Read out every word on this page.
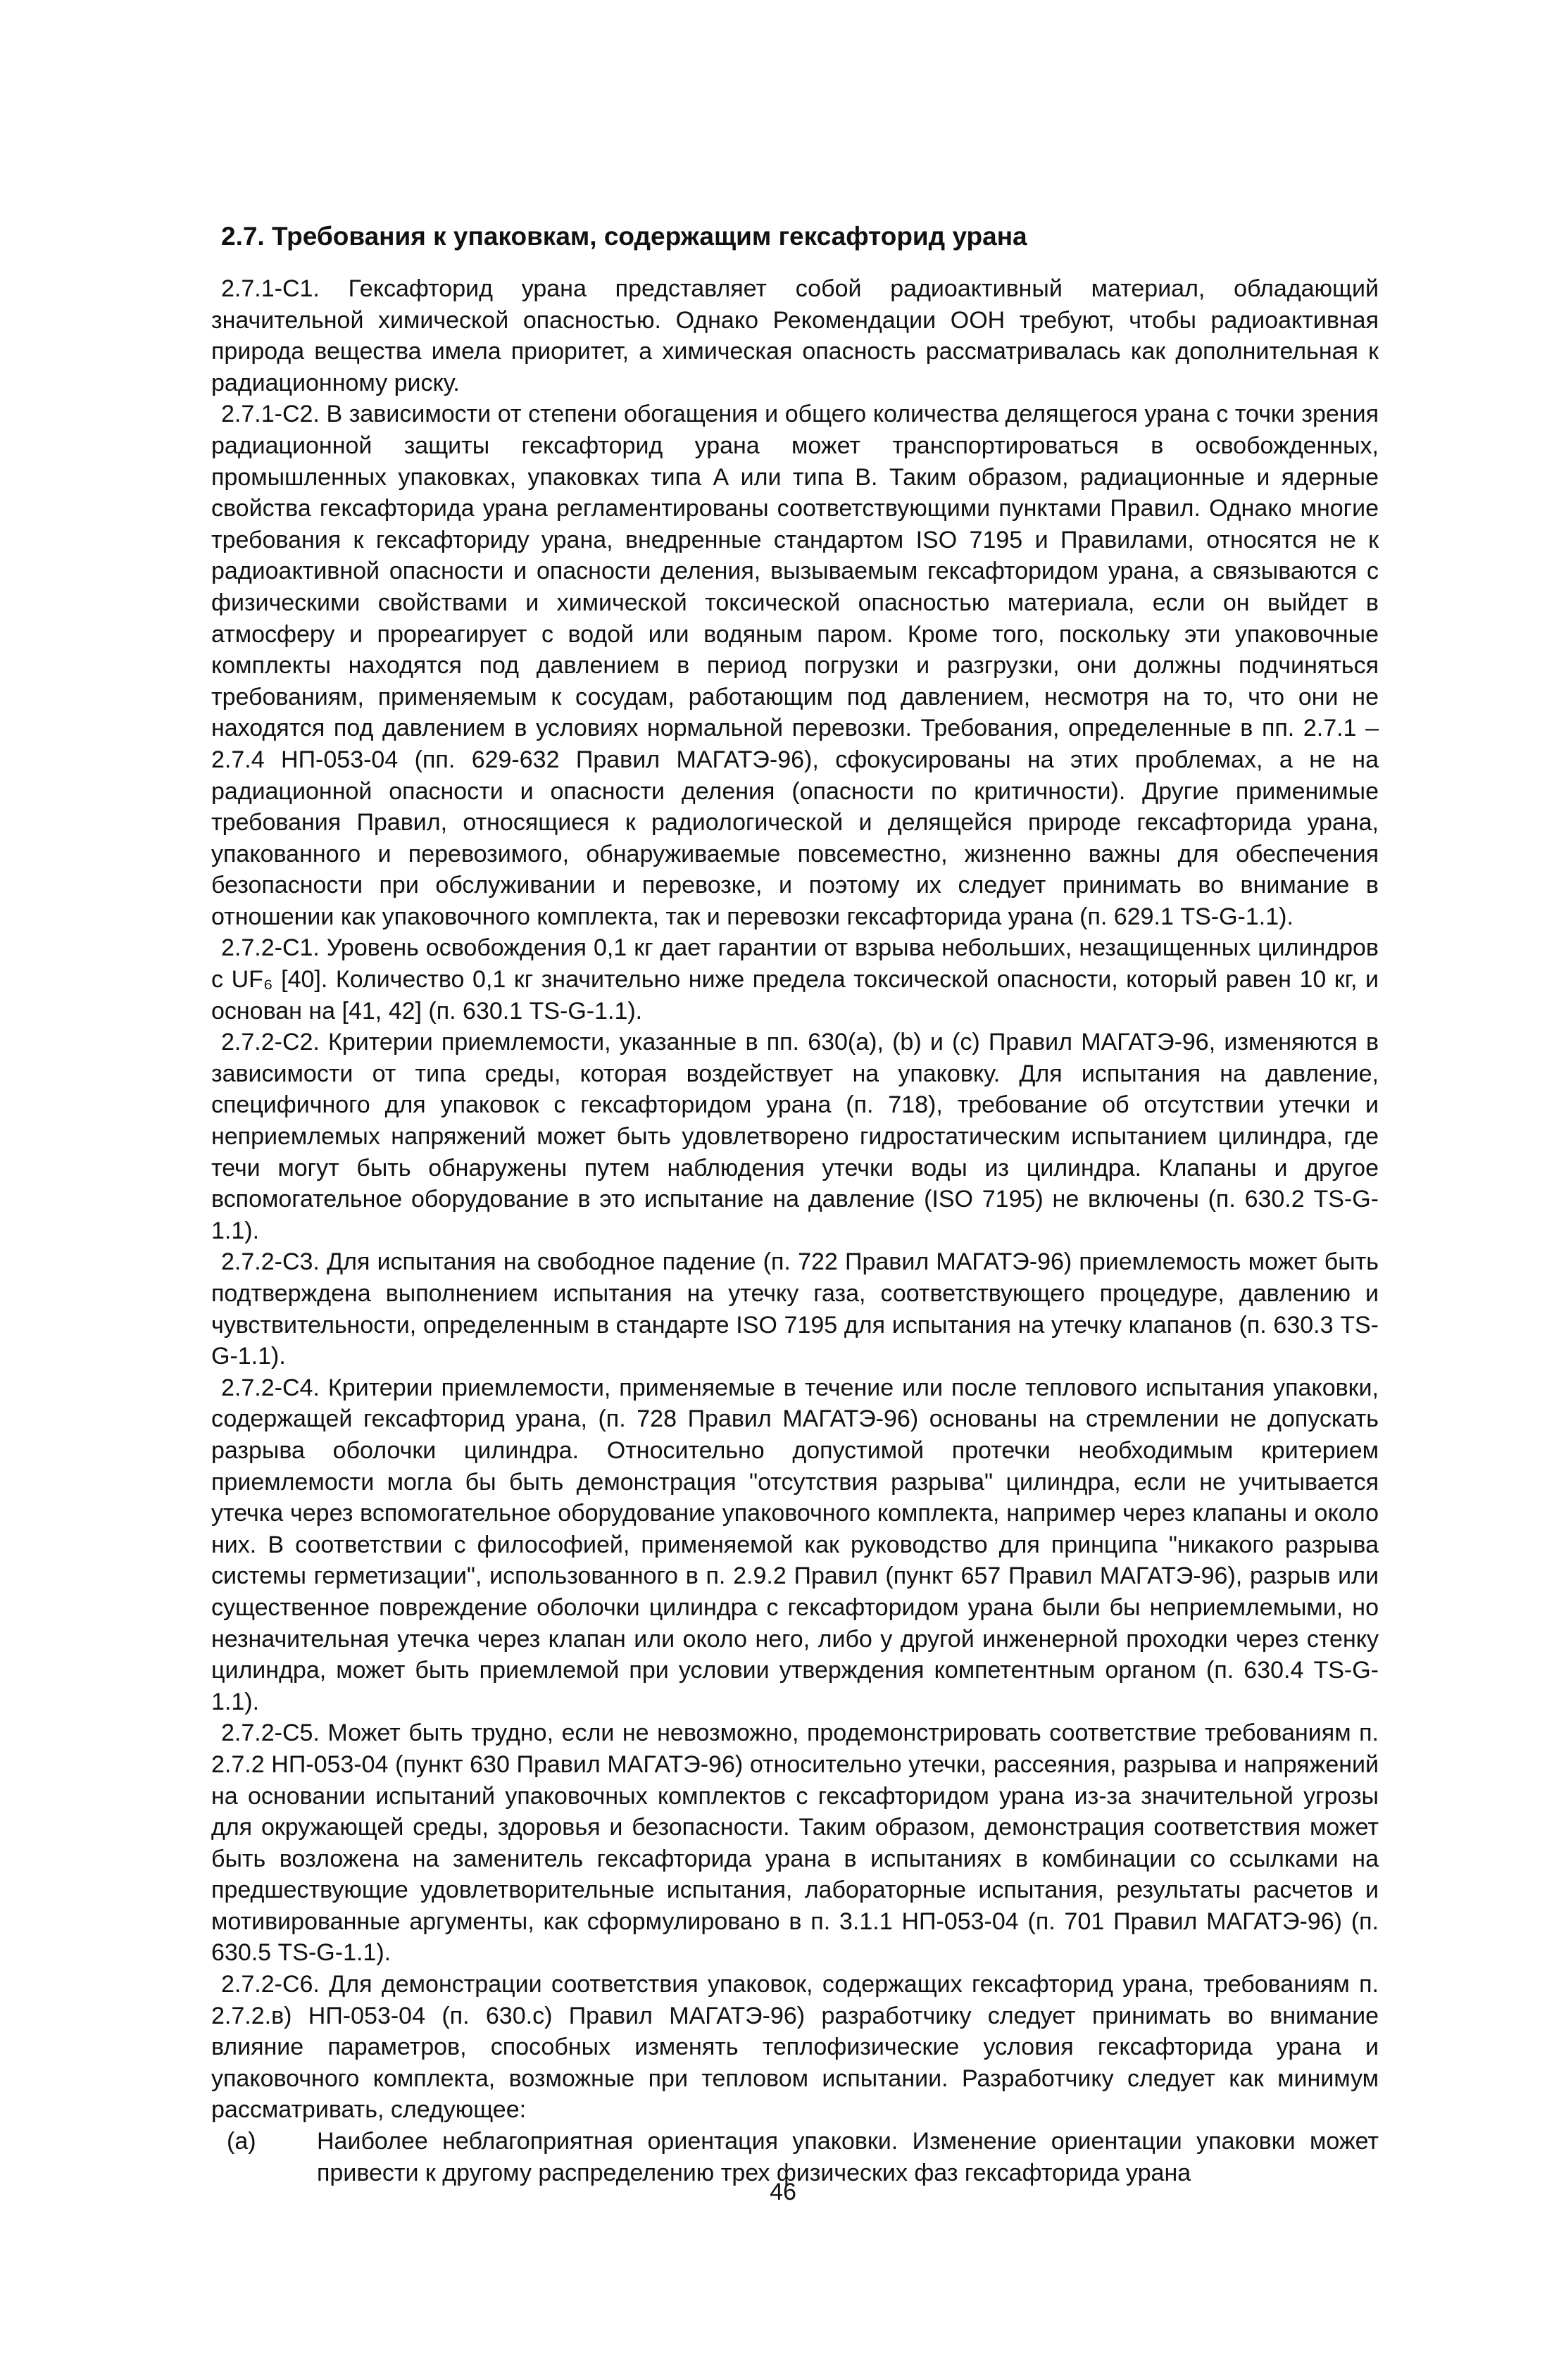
2.7. Требования к упаковкам, содержащим гексафторид урана

2.7.1-С1. Гексафторид урана представляет собой радиоактивный материал, обладающий значительной химической опасностью. Однако Рекомендации ООН требуют, чтобы радиоактивная природа вещества имела приоритет, а химическая опасность рассматривалась как дополнительная к радиационному риску.

2.7.1-С2. В зависимости от степени обогащения и общего количества делящегося урана с точки зрения радиационной защиты гексафторид урана может транспортироваться в освобожденных, промышленных упаковках, упаковках типа А или типа В. Таким образом, радиационные и ядерные свойства гексафторида урана регламентированы соответствующими пунктами Правил. Однако многие требования к гексафториду урана, внедренные стандартом ISO 7195 и Правилами, относятся не к радиоактивной опасности и опасности деления, вызываемым гексафторидом урана, а связываются с физическими свойствами и химической токсической опасностью материала, если он выйдет в атмосферу и прореагирует с водой или водяным паром. Кроме того, поскольку эти упаковочные комплекты находятся под давлением в период погрузки и разгрузки, они должны подчиняться требованиям, применяемым к сосудам, работающим под давлением, несмотря на то, что они не находятся под давлением в условиях нормальной перевозки. Требования, определенные в пп. 2.7.1 – 2.7.4 НП-053-04 (пп. 629-632 Правил МАГАТЭ-96), сфокусированы на этих проблемах, а не на радиационной опасности и опасности деления (опасности по критичности). Другие применимые требования Правил, относящиеся к радиологической и делящейся природе гексафторида урана, упакованного и перевозимого, обнаруживаемые повсеместно, жизненно важны для обеспечения безопасности при обслуживании и перевозке, и поэтому их следует принимать во внимание в отношении как упаковочного комплекта, так и перевозки гексафторида урана (п. 629.1 TS-G-1.1).

2.7.2-С1. Уровень освобождения 0,1 кг дает гарантии от взрыва небольших, незащищенных цилиндров с UF₆ [40]. Количество 0,1 кг значительно ниже предела токсической опасности, который равен 10 кг, и основан на [41, 42] (п. 630.1 TS-G-1.1).

2.7.2-С2. Критерии приемлемости, указанные в пп. 630(a), (b) и (c) Правил МАГАТЭ-96, изменяются в зависимости от типа среды, которая воздействует на упаковку. Для испытания на давление, специфичного для упаковок с гексафторидом урана (п. 718), требование об отсутствии утечки и неприемлемых напряжений может быть удовлетворено гидростатическим испытанием цилиндра, где течи могут быть обнаружены путем наблюдения утечки воды из цилиндра. Клапаны и другое вспомогательное оборудование в это испытание на давление (ISO 7195) не включены (п. 630.2 TS-G-1.1).

2.7.2-С3. Для испытания на свободное падение (п. 722 Правил МАГАТЭ-96) приемлемость может быть подтверждена выполнением испытания на утечку газа, соответствующего процедуре, давлению и чувствительности, определенным в стандарте ISO 7195 для испытания на утечку клапанов (п. 630.3 TS-G-1.1).

2.7.2-С4. Критерии приемлемости, применяемые в течение или после теплового испытания упаковки, содержащей гексафторид урана, (п. 728 Правил МАГАТЭ-96) основаны на стремлении не допускать разрыва оболочки цилиндра. Относительно допустимой протечки необходимым критерием приемлемости могла бы быть демонстрация "отсутствия разрыва" цилиндра, если не учитывается утечка через вспомогательное оборудование упаковочного комплекта, например через клапаны и около них. В соответствии с философией, применяемой как руководство для принципа "никакого разрыва системы герметизации", использованного в п. 2.9.2 Правил (пункт 657 Правил МАГАТЭ-96), разрыв или существенное повреждение оболочки цилиндра с гексафторидом урана были бы неприемлемыми, но незначительная утечка через клапан или около него, либо у другой инженерной проходки через стенку цилиндра, может быть приемлемой при условии утверждения компетентным органом (п. 630.4 TS-G-1.1).

2.7.2-С5. Может быть трудно, если не невозможно, продемонстрировать соответствие требованиям п. 2.7.2 НП-053-04 (пункт 630 Правил МАГАТЭ-96) относительно утечки, рассеяния, разрыва и напряжений на основании испытаний упаковочных комплектов с гексафторидом урана из-за значительной угрозы для окружающей среды, здоровья и безопасности. Таким образом, демонстрация соответствия может быть возложена на заменитель гексафторида урана в испытаниях в комбинации со ссылками на предшествующие удовлетворительные испытания, лабораторные испытания, результаты расчетов и мотивированные аргументы, как сформулировано в п. 3.1.1 НП-053-04 (п. 701 Правил МАГАТЭ-96) (п. 630.5 TS-G-1.1).

2.7.2-С6. Для демонстрации соответствия упаковок, содержащих гексафторид урана, требованиям п. 2.7.2.в) НП-053-04 (п. 630.c) Правил МАГАТЭ-96) разработчику следует принимать во внимание влияние параметров, способных изменять теплофизические условия гексафторида урана и упаковочного комплекта, возможные при тепловом испытании. Разработчику следует как минимум рассматривать, следующее:

(a)	Наиболее неблагоприятная ориентация упаковки. Изменение ориентации упаковки может привести к другому распределению трех физических фаз гексафторида урана
46
